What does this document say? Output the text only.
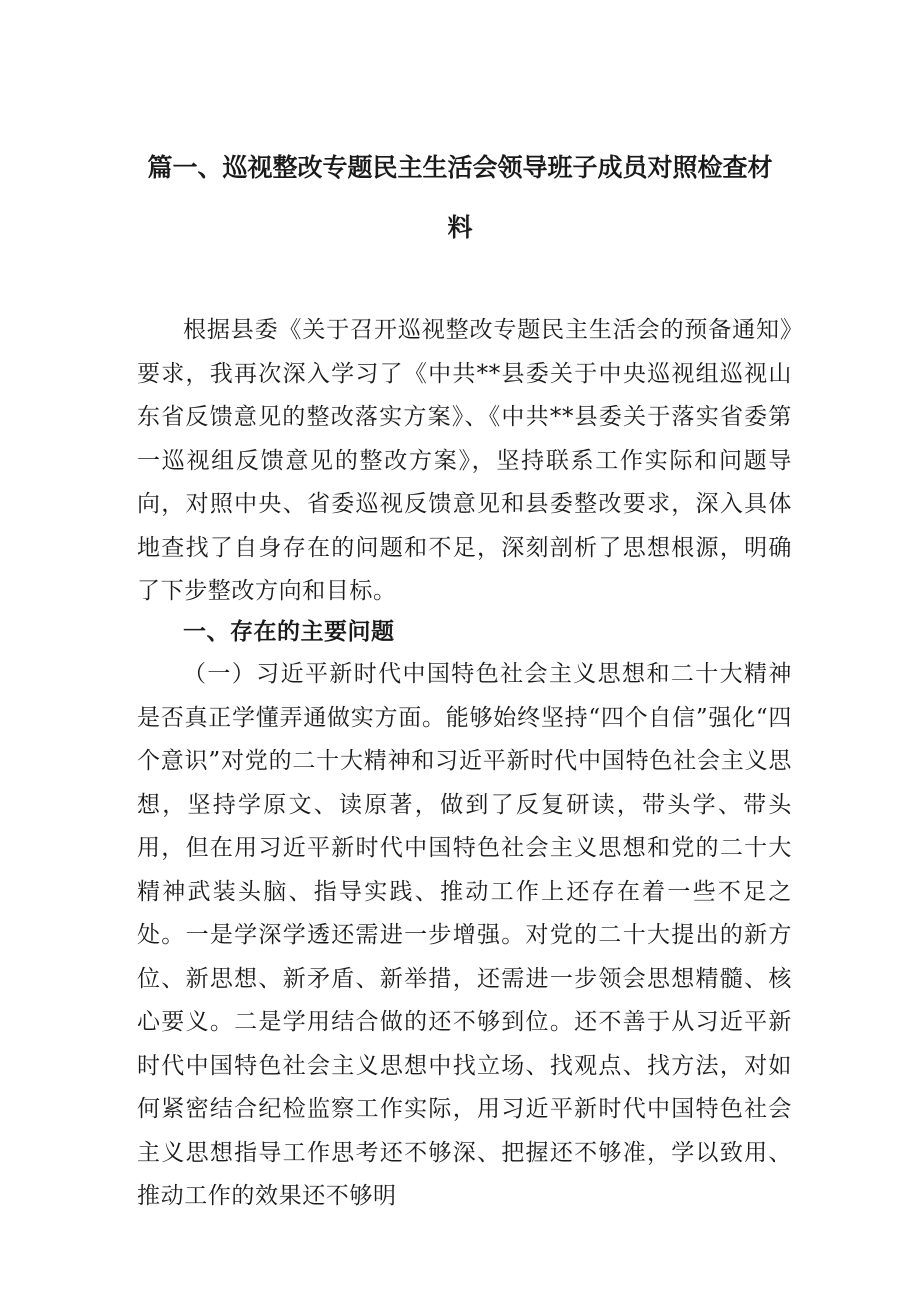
篇一、巡视整改专题民主生活会领导班子成员对照检查材
料

根据县委《关于召开巡视整改专题民主生活会的预备通知》要求，我再次深入学习了《中共**县委关于中央巡视组巡视山东省反馈意见的整改落实方案》、《中共**县委关于落实省委第一巡视组反馈意见的整改方案》，坚持联系工作实际和问题导向，对照中央、省委巡视反馈意见和县委整改要求，深入具体地查找了自身存在的问题和不足，深刻剖析了思想根源，明确了下步整改方向和目标。

一、存在的主要问题

（一）习近平新时代中国特色社会主义思想和二十大精神是否真正学懂弄通做实方面。能够始终坚持“四个自信”强化“四个意识”对党的二十大精神和习近平新时代中国特色社会主义思想，坚持学原文、读原著，做到了反复研读，带头学、带头用，但在用习近平新时代中国特色社会主义思想和党的二十大精神武装头脑、指导实践、推动工作上还存在着一些不足之处。一是学深学透还需进一步增强。对党的二十大提出的新方位、新思想、新矛盾、新举措，还需进一步领会思想精髓、核心要义。二是学用结合做的还不够到位。还不善于从习近平新时代中国特色社会主义思想中找立场、找观点、找方法，对如何紧密结合纪检监察工作实际，用习近平新时代中国特色社会主义思想指导工作思考还不够深、把握还不够准，学以致用、推动工作的效果还不够明
